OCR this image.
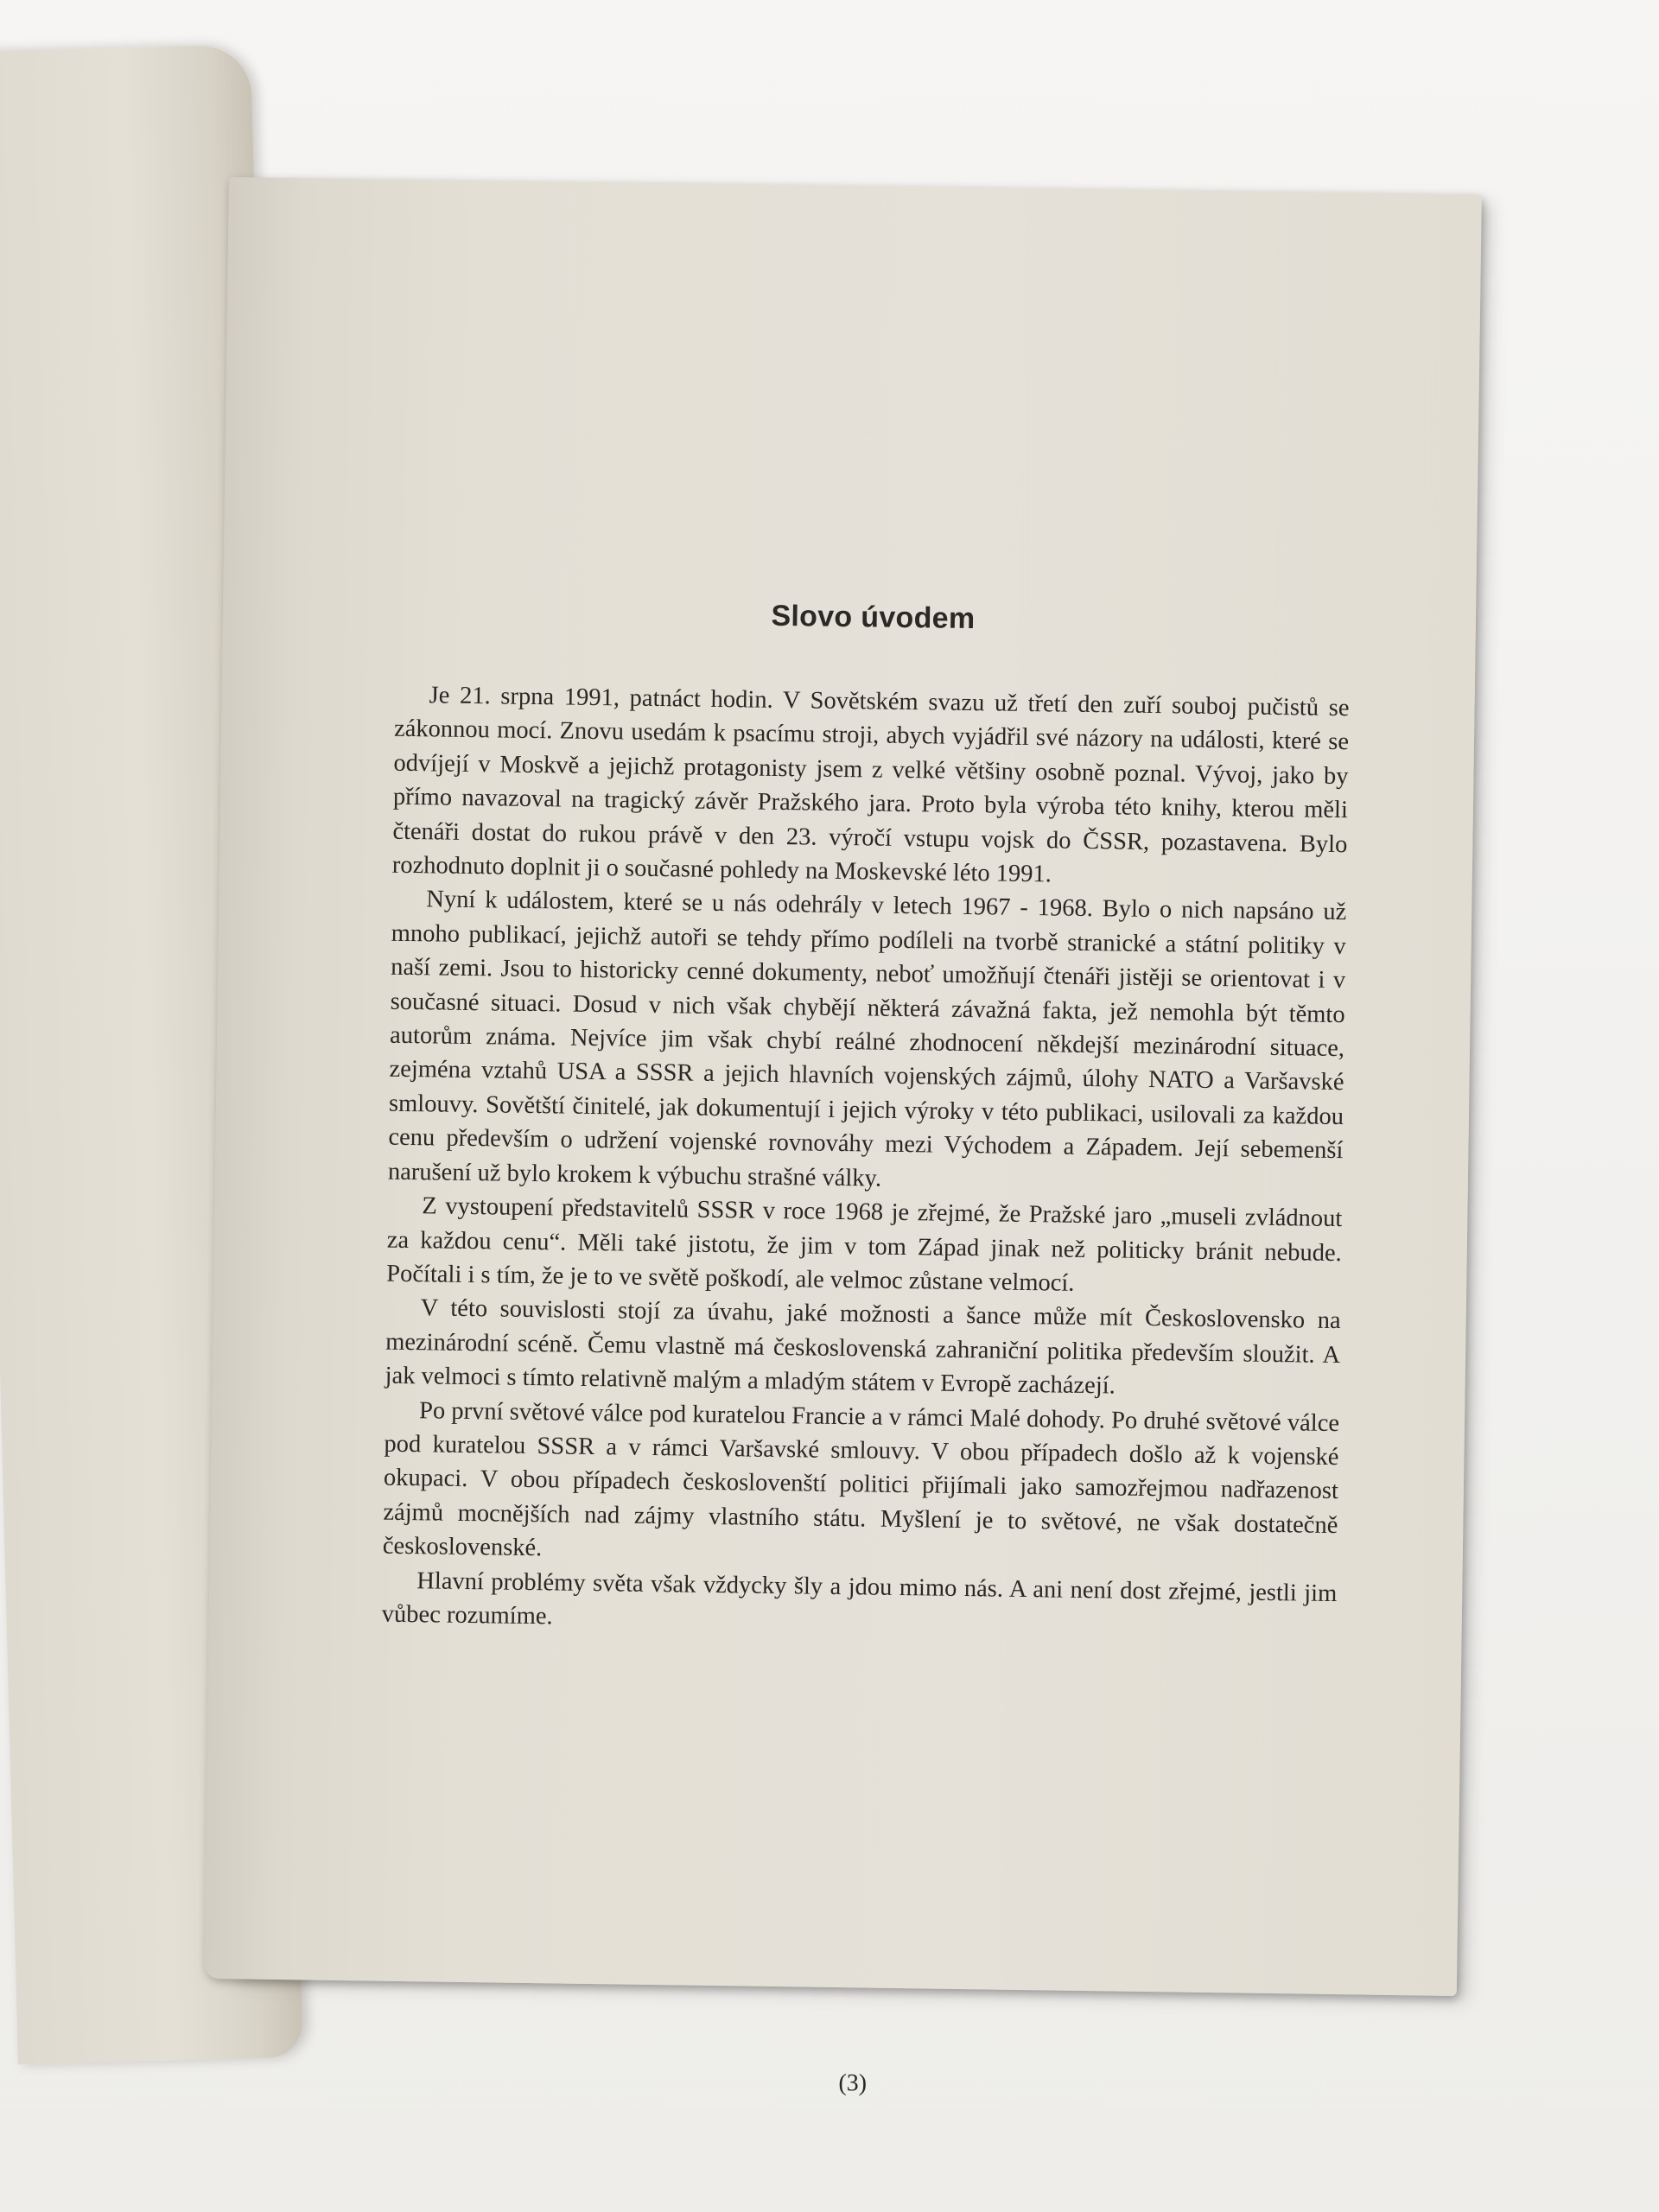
Slovo úvodem

Je 21. srpna 1991, patnáct hodin. V Sovětském svazu už třetí den zuří souboj pučistů se zákonnou mocí. Znovu usedám k psacímu stroji, abych vyjádřil své názory na události, které se odvíjejí v Moskvě a jejichž protagonisty jsem z velké většiny osobně poznal. Vývoj, jako by přímo navazoval na tragický závěr Pražského jara. Proto byla výroba této knihy, kterou měli čtenáři dostat do rukou právě v den 23. výročí vstupu vojsk do ČSSR, pozastavena. Bylo rozhodnuto doplnit ji o současné pohledy na Moskevské léto 1991.

Nyní k událostem, které se u nás odehrály v letech 1967 - 1968. Bylo o nich napsáno už mnoho publikací, jejichž autoři se tehdy přímo podíleli na tvorbě stranické a státní politiky v naší zemi. Jsou to historicky cenné dokumenty, neboť umožňují čtenáři jistěji se orientovat i v současné situaci. Dosud v nich však chybějí některá závažná fakta, jež nemohla být těmto autorům známa. Nejvíce jim však chybí reálné zhodnocení někdejší mezinárodní situace, zejména vztahů USA a SSSR a jejich hlavních vojenských zájmů, úlohy NATO a Varšavské smlouvy. Sovětští činitelé, jak dokumentují i jejich výroky v této publikaci, usilovali za každou cenu především o udržení vojenské rovnováhy mezi Východem a Západem. Její sebemenší narušení už bylo krokem k výbuchu strašné války.

Z vystoupení představitelů SSSR v roce 1968 je zřejmé, že Pražské jaro „museli zvládnout za každou cenu“. Měli také jistotu, že jim v tom Západ jinak než politicky bránit nebude. Počítali i s tím, že je to ve světě poškodí, ale velmoc zůstane velmocí.

V této souvislosti stojí za úvahu, jaké možnosti a šance může mít Československo na mezinárodní scéně. Čemu vlastně má československá zahraniční politika především sloužit. A jak velmoci s tímto relativně malým a mladým státem v Evropě zacházejí.

Po první světové válce pod kuratelou Francie a v rámci Malé dohody. Po druhé světové válce pod kuratelou SSSR a v rámci Varšavské smlouvy. V obou případech došlo až k vojenské okupaci. V obou případech českoslovenští politici přijímali jako samozřejmou nadřazenost zájmů mocnějších nad zájmy vlastního státu. Myšlení je to světové, ne však dostatečně československé.

Hlavní problémy světa však vždycky šly a jdou mimo nás. A ani není dost zřejmé, jestli jim vůbec rozumíme.

(3)
